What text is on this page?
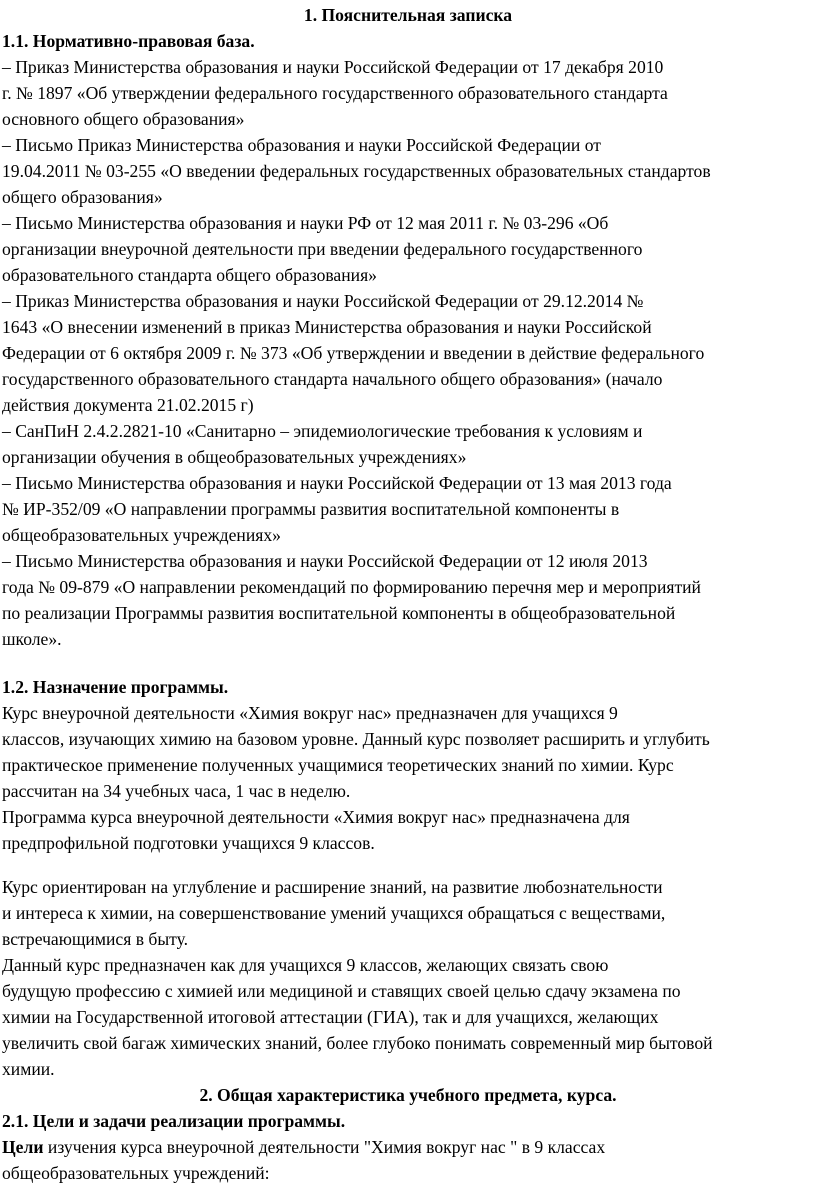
1. Пояснительная записка
1.1. Нормативно-правовая база.
– Приказ Министерства образования и науки Российской Федерации от 17 декабря 2010
г. № 1897 «Об утверждении федерального государственного образовательного стандарта
основного общего образования»
– Письмо Приказ Министерства образования и науки Российской Федерации от
19.04.2011 № 03-255 «О введении федеральных государственных образовательных стандартов
общего образования»
– Письмо Министерства образования и науки РФ от 12 мая 2011 г. № 03-296 «Об
организации внеурочной деятельности при введении федерального государственного
образовательного стандарта общего образования»
– Приказ Министерства образования и науки Российской Федерации от 29.12.2014 №
1643 «О внесении изменений в приказ Министерства образования и науки Российской
Федерации от 6 октября 2009 г. № 373 «Об утверждении и введении в действие федерального
государственного образовательного стандарта начального общего образования» (начало
действия документа 21.02.2015 г)
– СанПиН 2.4.2.2821-10 «Санитарно – эпидемиологические требования к условиям и
организации обучения в общеобразовательных учреждениях»
– Письмо Министерства образования и науки Российской Федерации от 13 мая 2013 года
№ ИР-352/09 «О направлении программы развития воспитательной компоненты в
общеобразовательных учреждениях»
– Письмо Министерства образования и науки Российской Федерации от 12 июля 2013
года № 09-879 «О направлении рекомендаций по формированию перечня мер и мероприятий
по реализации Программы развития воспитательной компоненты в общеобразовательной
школе».
1.2. Назначение программы.
Курс внеурочной деятельности «Химия вокруг нас» предназначен для учащихся 9
классов, изучающих химию на базовом уровне. Данный курс позволяет расширить и углубить
практическое применение полученных учащимися теоретических знаний по химии. Курс
рассчитан на 34 учебных часа, 1 час в неделю.
Программа курса внеурочной деятельности «Химия вокруг нас» предназначена для
предпрофильной подготовки учащихся 9 классов.
Курс ориентирован на углубление и расширение знаний, на развитие любознательности
и интереса к химии, на совершенствование умений учащихся обращаться с веществами,
встречающимися в быту.
Данный курс предназначен как для учащихся 9 классов, желающих связать свою
будущую профессию с химией или медициной и ставящих своей целью сдачу экзамена по
химии на Государственной итоговой аттестации (ГИА), так и для учащихся, желающих
увеличить свой багаж химических знаний, более глубоко понимать современный мир бытовой
химии.
2. Общая характеристика учебного предмета, курса.
2.1. Цели и задачи реализации программы.
Цели изучения курса внеурочной деятельности "Химия вокруг нас " в 9 классах
общеобразовательных учреждений:
